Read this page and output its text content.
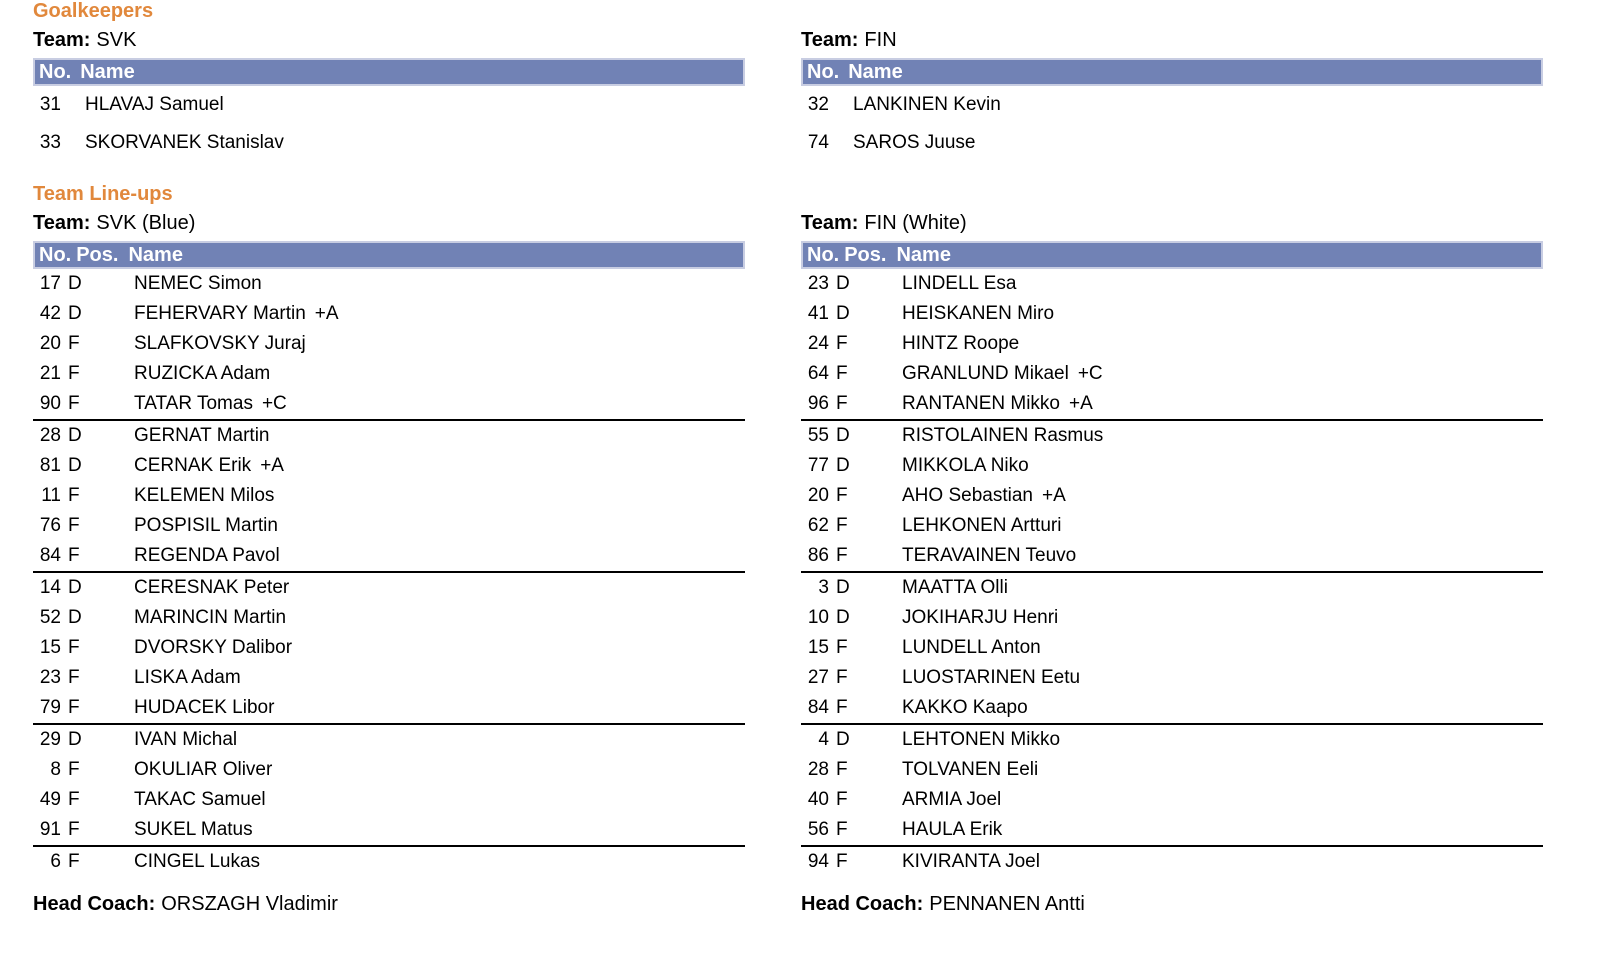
Goalkeepers
Team: SVK
No. Name
31 HLAVAJ Samuel
33 SKORVANEK Stanislav
Team Line-ups
Team: SVK (Blue)
No. Pos. Name
17 D	NEMEC Simon
42 D	FEHERVARY Martin +A
20 F	SLAFKOVSKY Juraj
21 F	RUZICKA Adam
90 F	TATAR Tomas +C
28 D	GERNAT Martin
81 D	CERNAK Erik +A
11 F	KELEMEN Milos
76 F	POSPISIL Martin
84 F	REGENDA Pavol
14 D	CERESNAK Peter
52 D	MARINCIN Martin
15 F	DVORSKY Dalibor
23 F	LISKA Adam
79 F	HUDACEK Libor
29 D	IVAN Michal
8 F	OKULIAR Oliver
49 F	TAKAC Samuel
91 F	SUKEL Matus
6 F	CINGEL Lukas
Head Coach: ORSZAGH Vladimir
Team: FIN
No. Name
32 LANKINEN Kevin
74 SAROS Juuse
Team: FIN (White)
No. Pos. Name
23 D	LINDELL Esa
41 D	HEISKANEN Miro
24 F	HINTZ Roope
64 F	GRANLUND Mikael +C
96 F	RANTANEN Mikko +A
55 D	RISTOLAINEN Rasmus
77 D	MIKKOLA Niko
20 F	AHO Sebastian +A
62 F	LEHKONEN Artturi
86 F	TERAVAINEN Teuvo
3 D	MAATTA Olli
10 D	JOKIHARJU Henri
15 F	LUNDELL Anton
27 F	LUOSTARINEN Eetu
84 F	KAKKO Kaapo
4 D	LEHTONEN Mikko
28 F	TOLVANEN Eeli
40 F	ARMIA Joel
56 F	HAULA Erik
94 F	KIVIRANTA Joel
Head Coach: PENNANEN Antti
